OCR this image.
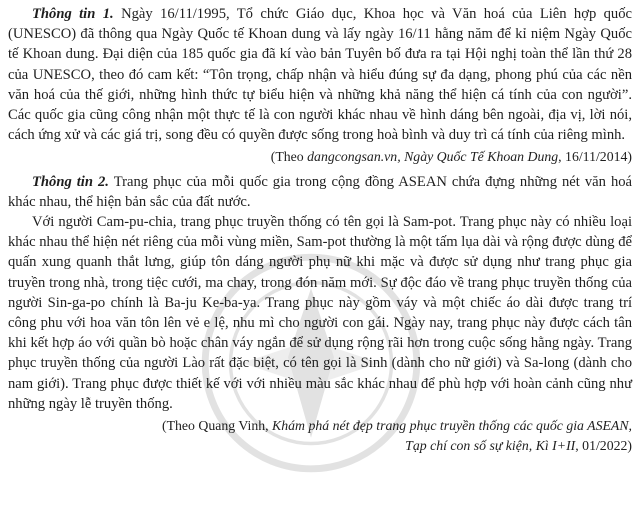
Thông tin 1. Ngày 16/11/1995, Tổ chức Giáo dục, Khoa học và Văn hoá của Liên hợp quốc (UNESCO) đã thông qua Ngày Quốc tế Khoan dung và lấy ngày 16/11 hằng năm để kỉ niệm Ngày Quốc tế Khoan dung. Đại diện của 185 quốc gia đã kí vào bản Tuyên bố đưa ra tại Hội nghị toàn thể lần thứ 28 của UNESCO, theo đó cam kết: “Tôn trọng, chấp nhận và hiểu đúng sự đa dạng, phong phú của các nền văn hoá của thế giới, những hình thức tự biểu hiện và những khả năng thể hiện cá tính của con người”. Các quốc gia cũng công nhận một thực tế là con người khác nhau về hình dáng bên ngoài, địa vị, lời nói, cách ứng xử và các giá trị, song đều có quyền được sống trong hoà bình và duy trì cá tính của riêng mình.

(Theo dangcongsan.vn, Ngày Quốc Tế Khoan Dung, 16/11/2014)

Thông tin 2. Trang phục của mỗi quốc gia trong cộng đồng ASEAN chứa đựng những nét văn hoá khác nhau, thể hiện bản sắc của đất nước.

Với người Cam-pu-chia, trang phục truyền thống có tên gọi là Sam-pot. Trang phục này có nhiều loại khác nhau thể hiện nét riêng của mỗi vùng miền, Sam-pot thường là một tấm lụa dài và rộng được dùng để quấn xung quanh thắt lưng, giúp tôn dáng người phụ nữ khi mặc và được sử dụng như trang phục gia truyền trong nhà, trong tiệc cưới, ma chay, trong đón năm mới. Sự độc đáo về trang phục truyền thống của người Sin-ga-po chính là Ba-ju Ke-ba-ya. Trang phục này gồm váy và một chiếc áo dài được trang trí công phu với hoa văn tôn lên vẻ e lệ, nhu mì cho người con gái. Ngày nay, trang phục này được cách tân khi kết hợp áo với quần bò hoặc chân váy ngắn để sử dụng rộng rãi hơn trong cuộc sống hằng ngày. Trang phục truyền thống của người Lào rất đặc biệt, có tên gọi là Sinh (dành cho nữ giới) và Sa-long (dành cho nam giới). Trang phục được thiết kế với với nhiều màu sắc khác nhau để phù hợp với hoàn cảnh cũng như những ngày lễ truyền thống.

(Theo Quang Vinh, Khám phá nét đẹp trang phục truyền thống các quốc gia ASEAN,

Tạp chí con số sự kiện, Kì I+II, 01/2022)
